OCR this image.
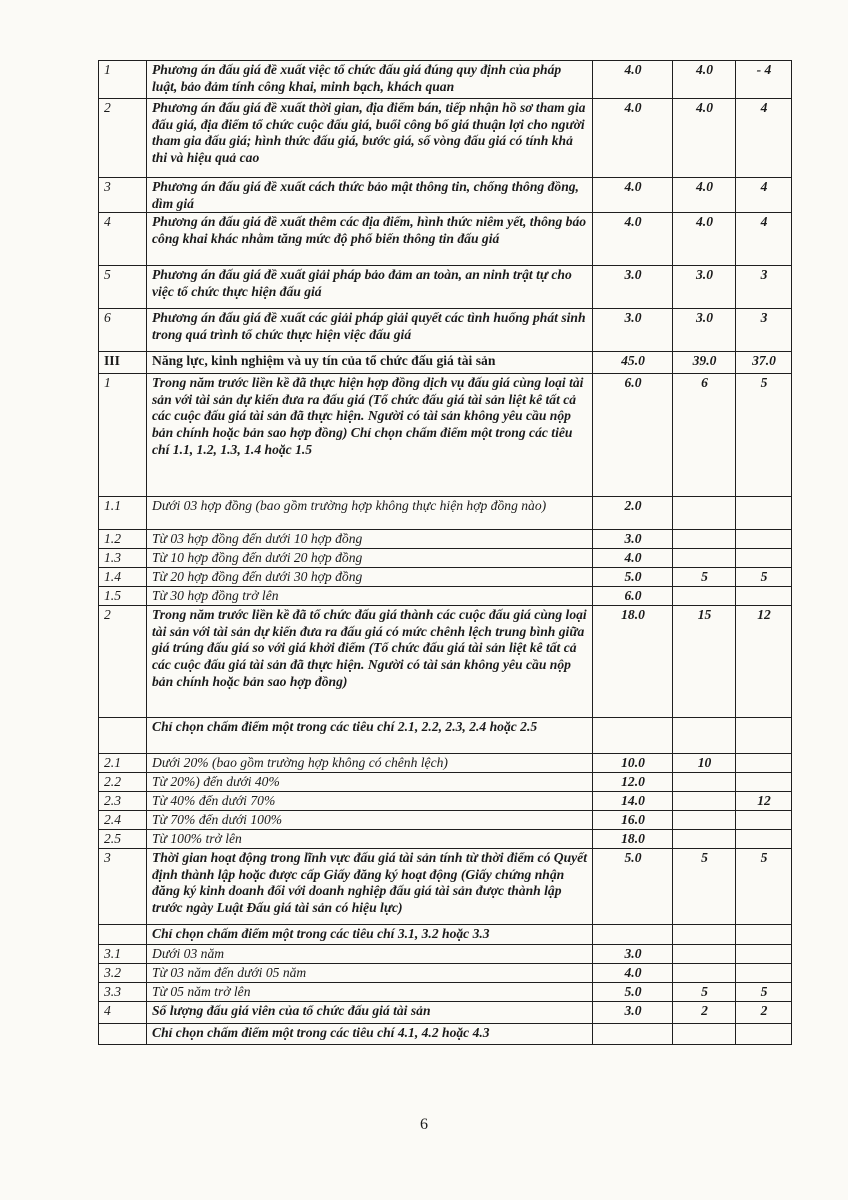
1	Phương án đấu giá đề xuất việc tổ chức đấu giá đúng quy định của pháp luật, bảo đảm tính công khai, minh bạch, khách quan	4.0	4.0	- 4
2	Phương án đấu giá đề xuất thời gian, địa điểm bán, tiếp nhận hồ sơ tham gia đấu giá, địa điểm tổ chức cuộc đấu giá, buổi công bố giá thuận lợi cho người tham gia đấu giá; hình thức đấu giá, bước giá, số vòng đấu giá có tính khả thi và hiệu quả cao	4.0	4.0	4
3	Phương án đấu giá đề xuất cách thức bảo mật thông tin, chống thông đồng, dìm giá	4.0	4.0	4
4	Phương án đấu giá đề xuất thêm các địa điểm, hình thức niêm yết, thông báo công khai khác nhằm tăng mức độ phổ biến thông tin đấu giá	4.0	4.0	4
5	Phương án đấu giá đề xuất giải pháp bảo đảm an toàn, an ninh trật tự cho việc tổ chức thực hiện đấu giá	3.0	3.0	3
6	Phương án đấu giá đề xuất các giải pháp giải quyết các tình huống phát sinh trong quá trình tổ chức thực hiện việc đấu giá	3.0	3.0	3
III	Năng lực, kinh nghiệm và uy tín của tổ chức đấu giá tài sản	45.0	39.0	37.0
1	Trong năm trước liền kề đã thực hiện hợp đồng dịch vụ đấu giá cùng loại tài sản với tài sản dự kiến đưa ra đấu giá (Tổ chức đấu giá tài sản liệt kê tất cả các cuộc đấu giá tài sản đã thực hiện. Người có tài sản không yêu cầu nộp bản chính hoặc bản sao hợp đồng) Chỉ chọn chấm điểm một trong các tiêu chí 1.1, 1.2, 1.3, 1.4 hoặc 1.5	6.0	6	5
1.1	Dưới 03 hợp đồng (bao gồm trường hợp không thực hiện hợp đồng nào)	2.0		
1.2	Từ 03 hợp đồng đến dưới 10 hợp đồng	3.0		
1.3	Từ 10 hợp đồng đến dưới 20 hợp đồng	4.0		
1.4	Từ 20 hợp đồng đến dưới 30 hợp đồng	5.0	5	5
1.5	Từ 30 hợp đồng trở lên	6.0		
2	Trong năm trước liền kề đã tổ chức đấu giá thành các cuộc đấu giá cùng loại tài sản với tài sản dự kiến đưa ra đấu giá có mức chênh lệch trung bình giữa giá trúng đấu giá so với giá khởi điểm (Tổ chức đấu giá tài sản liệt kê tất cả các cuộc đấu giá tài sản đã thực hiện. Người có tài sản không yêu cầu nộp bản chính hoặc bản sao hợp đồng)	18.0	15	12
	Chỉ chọn chấm điểm một trong các tiêu chí 2.1, 2.2, 2.3, 2.4 hoặc 2.5			
2.1	Dưới 20% (bao gồm trường hợp không có chênh lệch)	10.0	10	
2.2	Từ 20%) đến dưới 40%	12.0		
2.3	Từ 40% đến dưới 70%	14.0		12
2.4	Từ 70% đến dưới 100%	16.0		
2.5	Từ 100% trở lên	18.0		
3	Thời gian hoạt động trong lĩnh vực đấu giá tài sản tính từ thời điểm có Quyết định thành lập hoặc được cấp Giấy đăng ký hoạt động (Giấy chứng nhận đăng ký kinh doanh đối với doanh nghiệp đấu giá tài sản được thành lập trước ngày Luật Đấu giá tài sản có hiệu lực)	5.0	5	5
	Chỉ chọn chấm điểm một trong các tiêu chí 3.1, 3.2 hoặc 3.3			
3.1	Dưới 03 năm	3.0		
3.2	Từ 03 năm đến dưới 05 năm	4.0		
3.3	Từ 05 năm trở lên	5.0	5	5
4	Số lượng đấu giá viên của tổ chức đấu giá tài sản	3.0	2	2
	Chỉ chọn chấm điểm một trong các tiêu chí 4.1, 4.2 hoặc 4.3			
6
